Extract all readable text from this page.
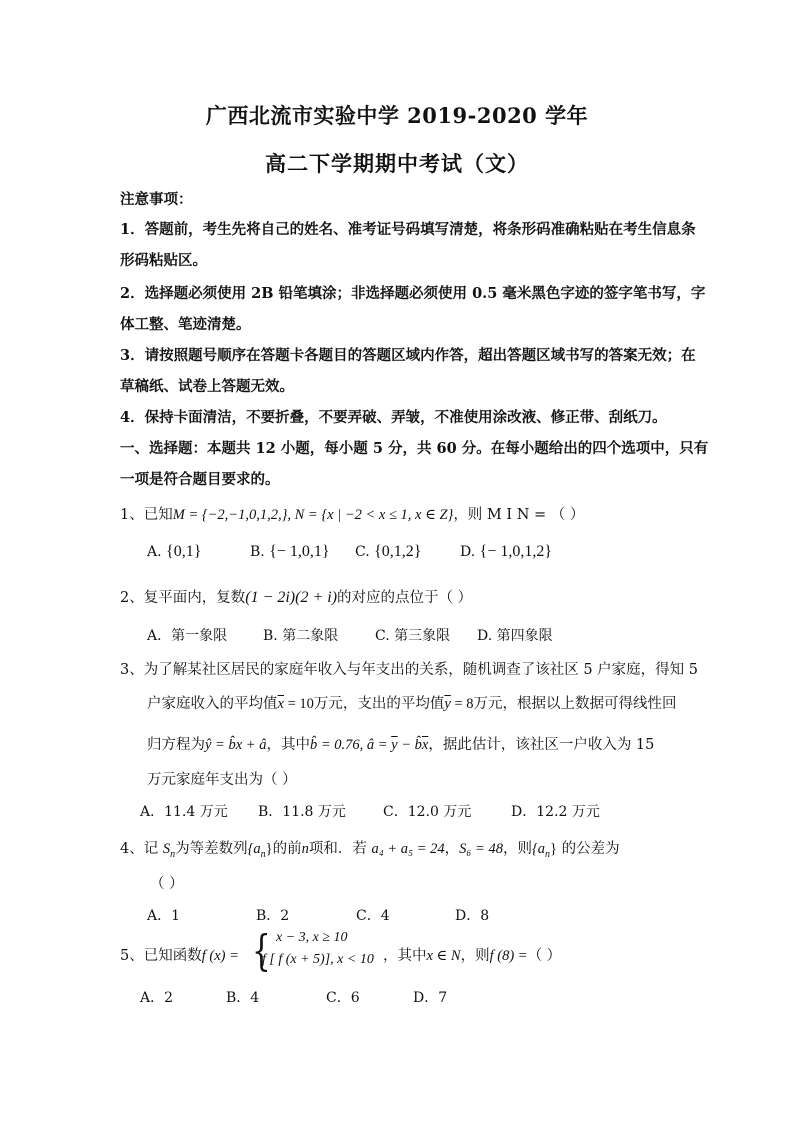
广西北流市实验中学 2019-2020 学年
高二下学期期中考试（文）
注意事项：
1．答题前，考生先将自己的姓名、准考证号码填写清楚，将条形码准确粘贴在考生信息条
形码粘贴区。
2．选择题必须使用 2B 铅笔填涂；非选择题必须使用 0.5 毫米黑色字迹的签字笔书写，字
体工整、笔迹清楚。
3．请按照题号顺序在答题卡各题目的答题区域内作答，超出答题区域书写的答案无效；在
草稿纸、试卷上答题无效。
4．保持卡面清洁，不要折叠，不要弄破、弄皱，不准使用涂改液、修正带、刮纸刀。
一、选择题：本题共 12 小题，每小题 5 分，共 60 分。在每小题给出的四个选项中，只有
一项是符合题目要求的。
1、已知M = {−2,−1,0,1,2,}, N = {x | −2 < x ≤ 1, x ∈ Z}，则 M I N = （ ）
A. {0,1}	B. {− 1,0,1} C. {0,1,2}	D. {− 1,0,1,2}
2、复平面内，复数(1 − 2i)(2 + i)的对应的点位于（ ）
A．第一象限	B. 第二象限	C. 第三象限 D. 第四象限
3、为了解某社区居民的家庭年收入与年支出的关系，随机调查了该社区 5 户家庭，得知 5
户家庭收入的平均值$\overline{x} = 10$万元，支出的平均值$\overline{y} = 8$万元，根据以上数据可得线性回
归方程为ŷ = b̂x + â，其中b̂ = 0.76, â = $\overline{y}$ − $b̂\overline{x}$，据此估计，该社区一户收入为 15
万元家庭年支出为（ ）
A．11.4 万元 B．11.8 万元	C．12.0 万元	D．12.2 万元
4、记 $S_n$为等差数列$\{a_n\}$的前n项和．若 a₄ + a₅ = 24，S₆ = 48，则$\{a_n\}$ 的公差为
（ ）
A．1	B．2	C．4	D．8
5、已知函数f (x) = { x − 3, x ≥ 10
f [ f (x + 5)], x < 10 ，其中x ∈ N，则f (8) =（ ）
A．2	B．4	C．6	D．7
